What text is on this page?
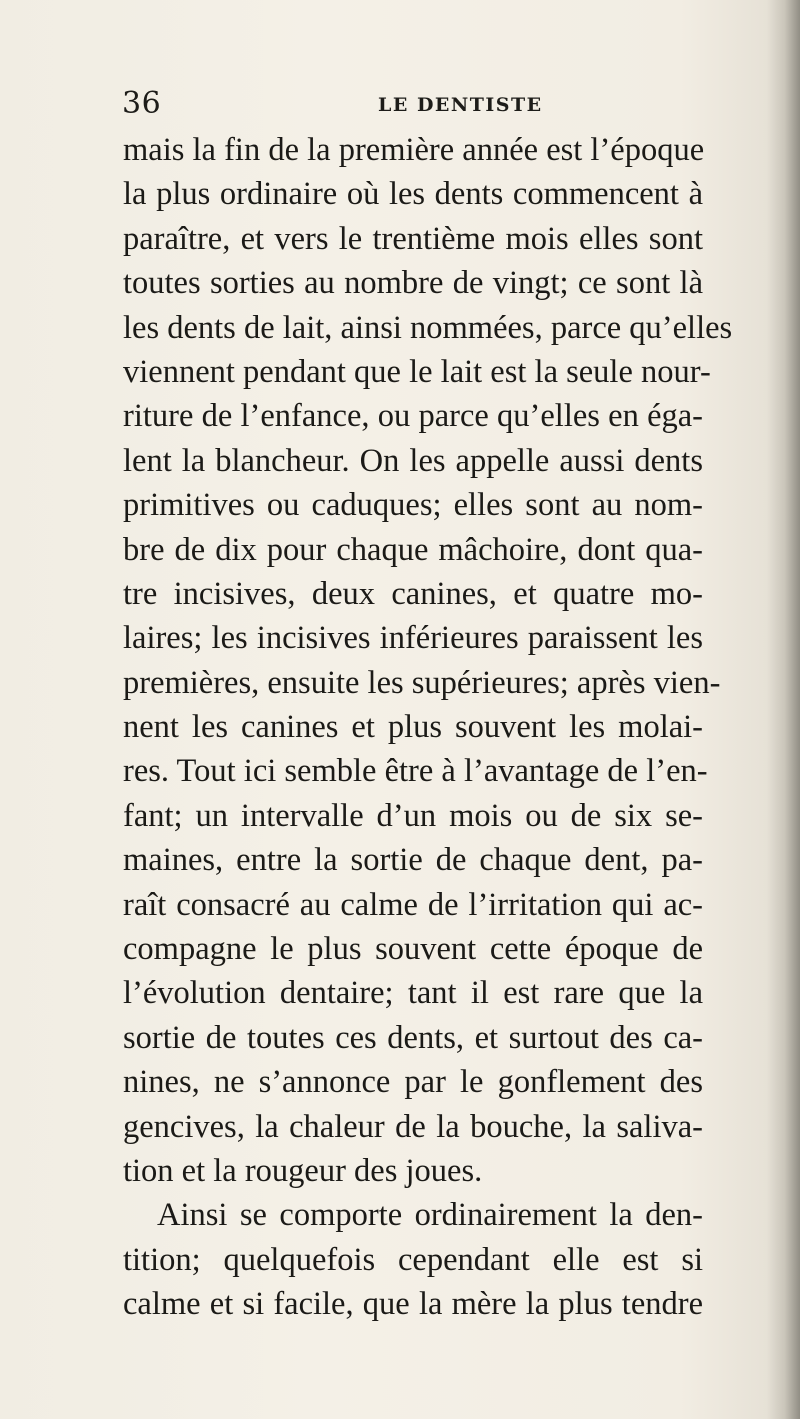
36	LE DENTISTE
mais la fin de la première année est l’époque
la plus ordinaire où les dents commencent à
paraître, et vers le trentième mois elles sont
toutes sorties au nombre de vingt; ce sont là
les dents de lait, ainsi nommées, parce qu’elles
viennent pendant que le lait est la seule nour-
riture de l’enfance, ou parce qu’elles en éga-
lent la blancheur. On les appelle aussi dents
primitives ou caduques; elles sont au nom-
bre de dix pour chaque mâchoire, dont qua-
tre incisives, deux canines, et quatre mo-
laires; les incisives inférieures paraissent les
premières, ensuite les supérieures; après vien-
nent les canines et plus souvent les molai-
res. Tout ici semble être à l’avantage de l’en-
fant; un intervalle d’un mois ou de six se-
maines, entre la sortie de chaque dent, pa-
raît consacré au calme de l’irritation qui ac-
compagne le plus souvent cette époque de
l’évolution dentaire; tant il est rare que la
sortie de toutes ces dents, et surtout des ca-
nines, ne s’annonce par le gonflement des
gencives, la chaleur de la bouche, la saliva-
tion et la rougeur des joues.
Ainsi se comporte ordinairement la den-
tition; quelquefois cependant elle est si
calme et si facile, que la mère la plus tendre
